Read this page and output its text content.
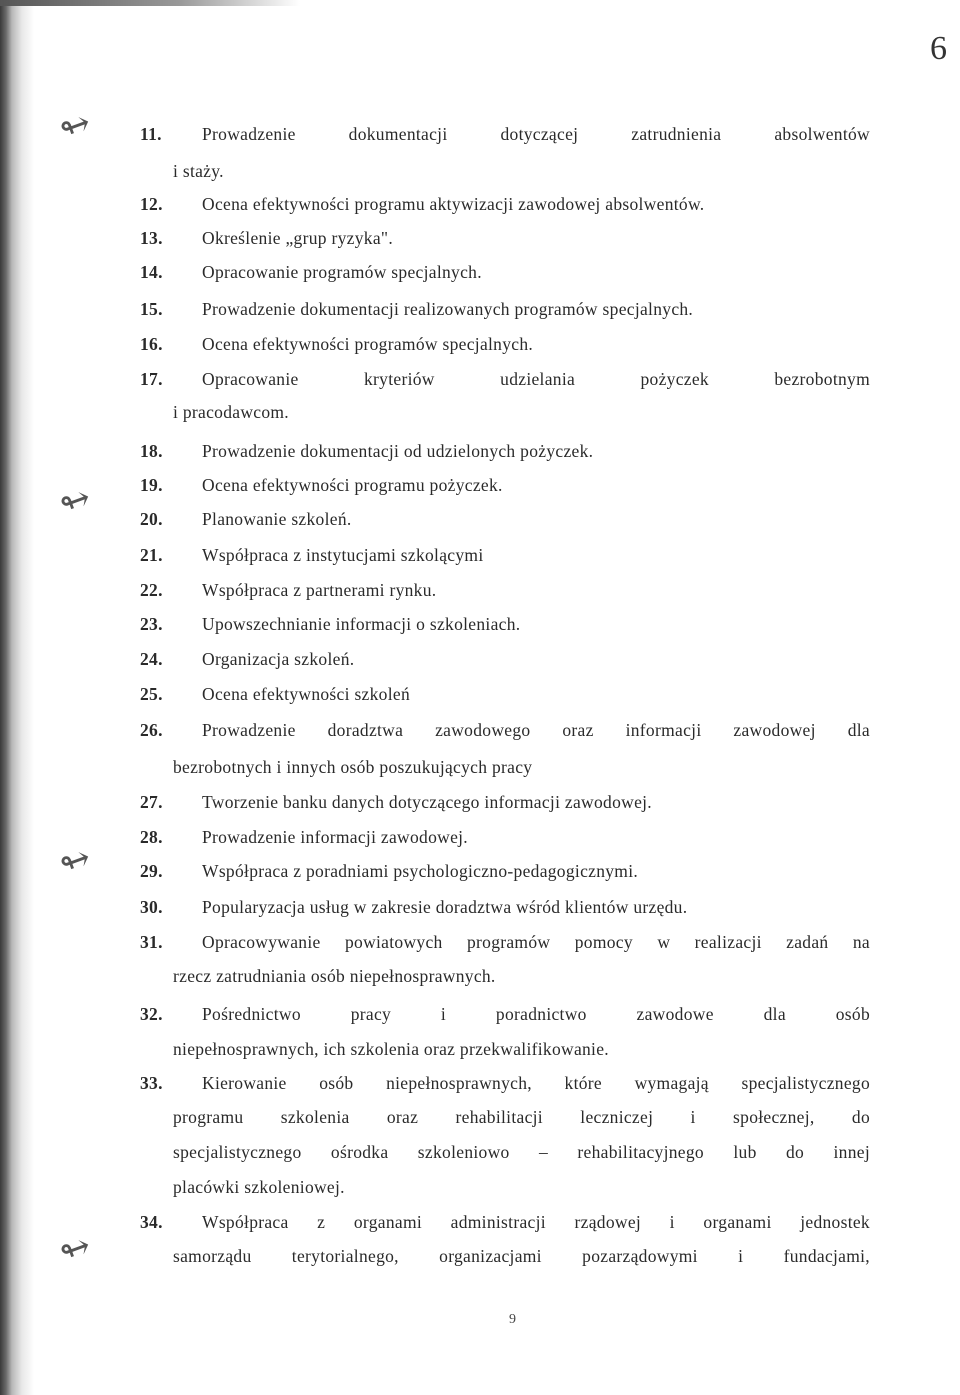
6
↬
↬
↬
↬
11.	Prowadzenie dokumentacji dotyczącej zatrudnienia absolwentów
i staży.
12.	Ocena efektywności programu aktywizacji zawodowej absolwentów.
13.	Określenie „grup ryzyka".
14.	Opracowanie programów specjalnych.
15.	Prowadzenie dokumentacji realizowanych programów specjalnych.
16.	Ocena efektywności programów specjalnych.
17.	Opracowanie kryteriów udzielania pożyczek bezrobotnym
i pracodawcom.
18.	Prowadzenie dokumentacji od udzielonych pożyczek.
19.	Ocena efektywności programu pożyczek.
20.	Planowanie szkoleń.
21.	Współpraca z instytucjami szkolącymi
22.	Współpraca z partnerami rynku.
23.	Upowszechnianie informacji o szkoleniach.
24.	Organizacja szkoleń.
25.	Ocena efektywności szkoleń
26.	Prowadzenie doradztwa zawodowego oraz informacji zawodowej dla
bezrobotnych i innych osób poszukujących pracy
27.	Tworzenie banku danych dotyczącego informacji zawodowej.
28.	Prowadzenie informacji zawodowej.
29.	Współpraca z poradniami psychologiczno-pedagogicznymi.
30.	Popularyzacja usług w zakresie doradztwa wśród klientów urzędu.
31.	Opracowywanie powiatowych programów pomocy w realizacji zadań na
rzecz zatrudniania osób niepełnosprawnych.
32.	Pośrednictwo pracy i poradnictwo zawodowe dla osób
niepełnosprawnych, ich szkolenia oraz przekwalifikowanie.
33.	Kierowanie osób niepełnosprawnych, które wymagają specjalistycznego
programu szkolenia oraz rehabilitacji leczniczej i społecznej, do
specjalistycznego ośrodka szkoleniowo – rehabilitacyjnego lub do innej
placówki szkoleniowej.
34.	Współpraca z organami administracji rządowej i organami jednostek
samorządu terytorialnego, organizacjami pozarządowymi i fundacjami,
9
